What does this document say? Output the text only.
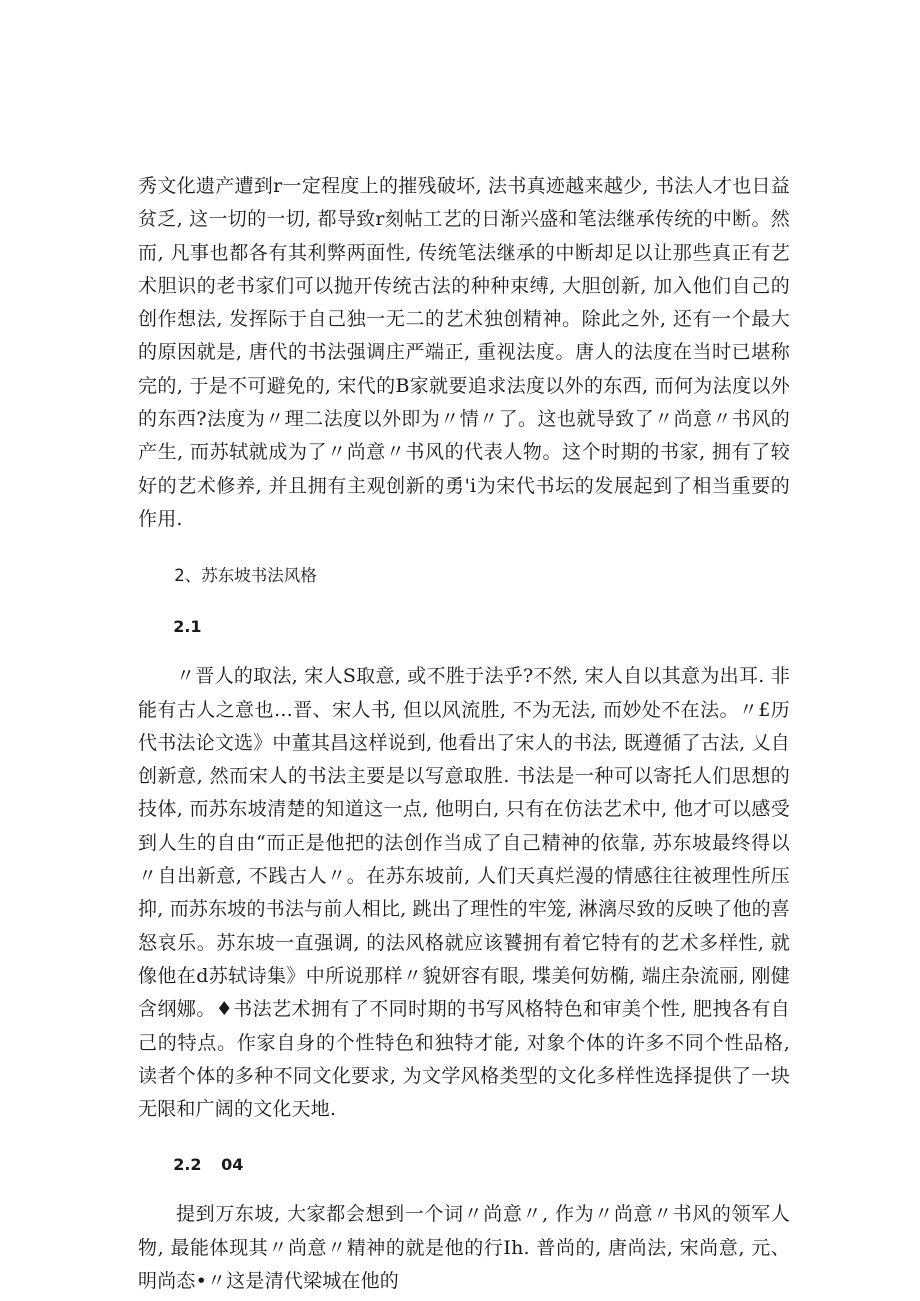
秀文化遗产遭到r一定程度上的摧残破坏, 法书真迹越来越少, 书法人才也日益贫乏, 这一切的一切, 都导致r刻帖工艺的日渐兴盛和笔法继承传统的中断。然而, 凡事也都各有其利弊两面性, 传统笔法继承的中断却足以让那些真正有艺术胆识的老书家们可以抛开传统古法的种种束缚, 大胆创新, 加入他们自己的创作想法, 发挥际于自己独一无二的艺术独创精神。除此之外, 还有一个最大的原因就是, 唐代的书法强调庄严端正, 重视法度。唐人的法度在当时已堪称完的, 于是不可避免的, 宋代的B家就要追求法度以外的东西, 而何为法度以外的东西?法度为〃理二法度以外即为〃情〃了。这也就导致了〃尚意〃书风的产生, 而苏轼就成为了〃尚意〃书风的代表人物。这个时期的书家, 拥有了较好的艺术修养, 并且拥有主观创新的勇'i为宋代书坛的发展起到了相当重要的作用.

2、苏东坡书法风格

2.1

〃晋人的取法, 宋人S取意, 或不胜于法乎?不然, 宋人自以其意为出耳. 非能有古人之意也…晋、宋人书, 但以风流胜, 不为无法, 而妙处不在法。〃£历代书法论文选》中董其昌这样说到, 他看出了宋人的书法, 既遵循了古法, 乂自创新意, 然而宋人的书法主要是以写意取胜. 书法是一种可以寄托人们思想的技体, 而苏东坡清楚的知道这一点, 他明白, 只有在仿法艺术中, 他才可以感受到人生的自由“而正是他把的法创作当成了自己精神的依靠, 苏东坡最终得以〃自出新意, 不践古人〃。在苏东坡前, 人们天真烂漫的情感往往被理性所压抑, 而苏东坡的书法与前人相比, 跳出了理性的牢笼, 淋漓尽致的反映了他的喜怒哀乐。苏东坡一直强调, 的法风格就应该饕拥有着它特有的艺术多样性, 就像他在d苏轼诗集》中所说那样〃貌妍容有眼, 堞美何妨椭, 端庄杂流丽, 刚健含纲娜。♦书法艺术拥有了不同时期的书写风格特色和审美个性, 肥拽各有自己的特点。作家自身的个性特色和独特才能, 对象个体的许多不同个性品格, 读者个体的多种不同文化要求, 为文学风格类型的文化多样性选择提供了一块无限和广阔的文化天地.

2.2 04

提到万东坡, 大家都会想到一个词〃尚意〃, 作为〃尚意〃书风的领军人物, 最能体现其〃尚意〃精神的就是他的行Ih. 普尚的, 唐尚法, 宋尚意, 元、明尚态•〃这是清代梁城在他的
